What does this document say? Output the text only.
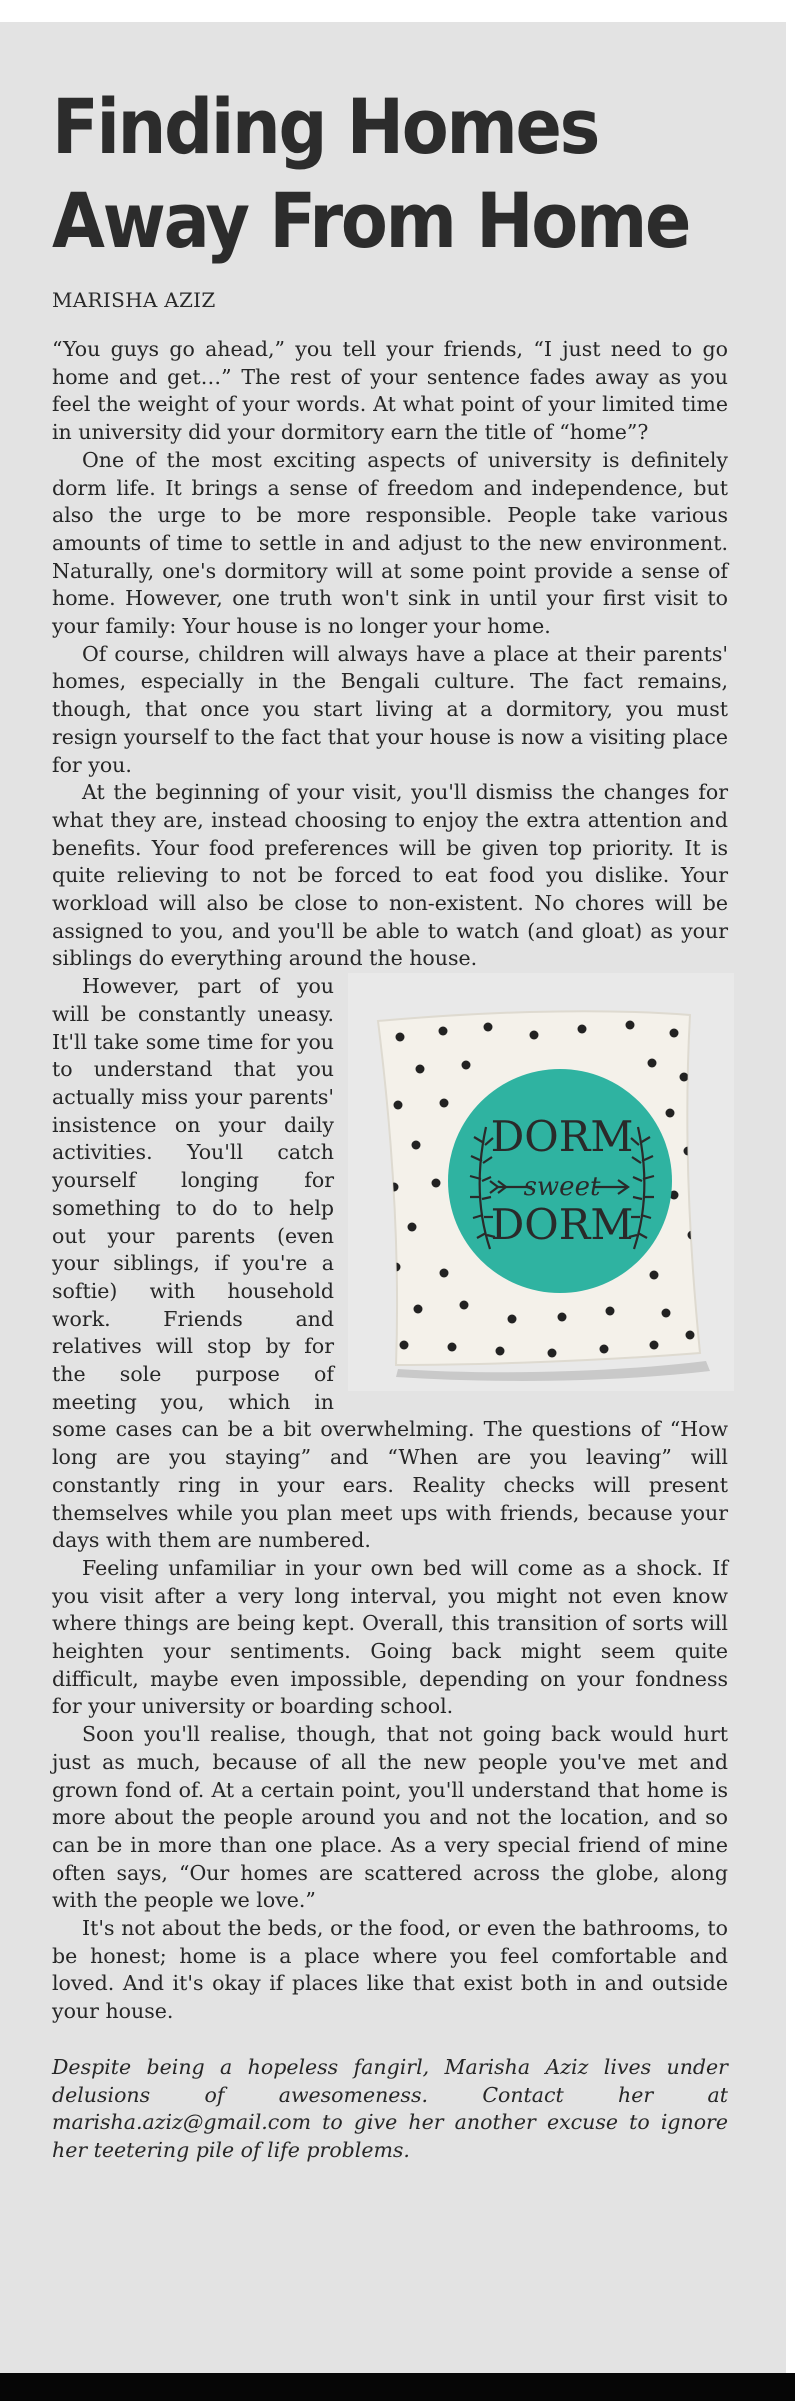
Finding Homes
Away From Home
MARISHA AZIZ

“You guys go ahead,” you tell your friends, “I just need to go home and get…” The rest of your sentence fades away as you feel the weight of your words. At what point of your limited time in university did your dormitory earn the title of “home”?

One of the most exciting aspects of university is definitely dorm life. It brings a sense of freedom and independence, but also the urge to be more responsible. People take various amounts of time to settle in and adjust to the new environment. Naturally, one's dormitory will at some point provide a sense of home. However, one truth won't sink in until your first visit to your family: Your house is no longer your home.

Of course, children will always have a place at their parents' homes, especially in the Bengali culture. The fact remains, though, that once you start living at a dormitory, you must resign yourself to the fact that your house is now a visiting place for you.

At the beginning of your visit, you'll dismiss the changes for what they are, instead choosing to enjoy the extra attention and benefits. Your food preferences will be given top priority. It is quite relieving to not be forced to eat food you dislike. Your workload will also be close to non-existent. No chores will be assigned to you, and you'll be able to watch (and gloat) as your siblings do everything around the house.

DORM
sweet
DORM

However, part of you will be constantly uneasy. It'll take some time for you to understand that you actually miss your parents' insistence on your daily activities. You'll catch yourself longing for something to do to help out your parents (even your siblings, if you're a softie) with household work. Friends and relatives will stop by for the sole purpose of meeting you, which in some cases can be a bit overwhelming. The questions of “How long are you staying” and “When are you leaving” will constantly ring in your ears. Reality checks will present themselves while you plan meet ups with friends, because your days with them are numbered.

Feeling unfamiliar in your own bed will come as a shock. If you visit after a very long interval, you might not even know where things are being kept. Overall, this transition of sorts will heighten your sentiments. Going back might seem quite difficult, maybe even impossible, depending on your fondness for your university or boarding school.

Soon you'll realise, though, that not going back would hurt just as much, because of all the new people you've met and grown fond of. At a certain point, you'll understand that home is more about the people around you and not the location, and so can be in more than one place. As a very special friend of mine often says, “Our homes are scattered across the globe, along with the people we love.”

It's not about the beds, or the food, or even the bathrooms, to be honest; home is a place where you feel comfortable and loved. And it's okay if places like that exist both in and outside your house.

Despite being a hopeless fangirl, Marisha Aziz lives under delusions of awesomeness. Contact her at marisha.aziz@gmail.com to give her another excuse to ignore her teetering pile of life problems.
